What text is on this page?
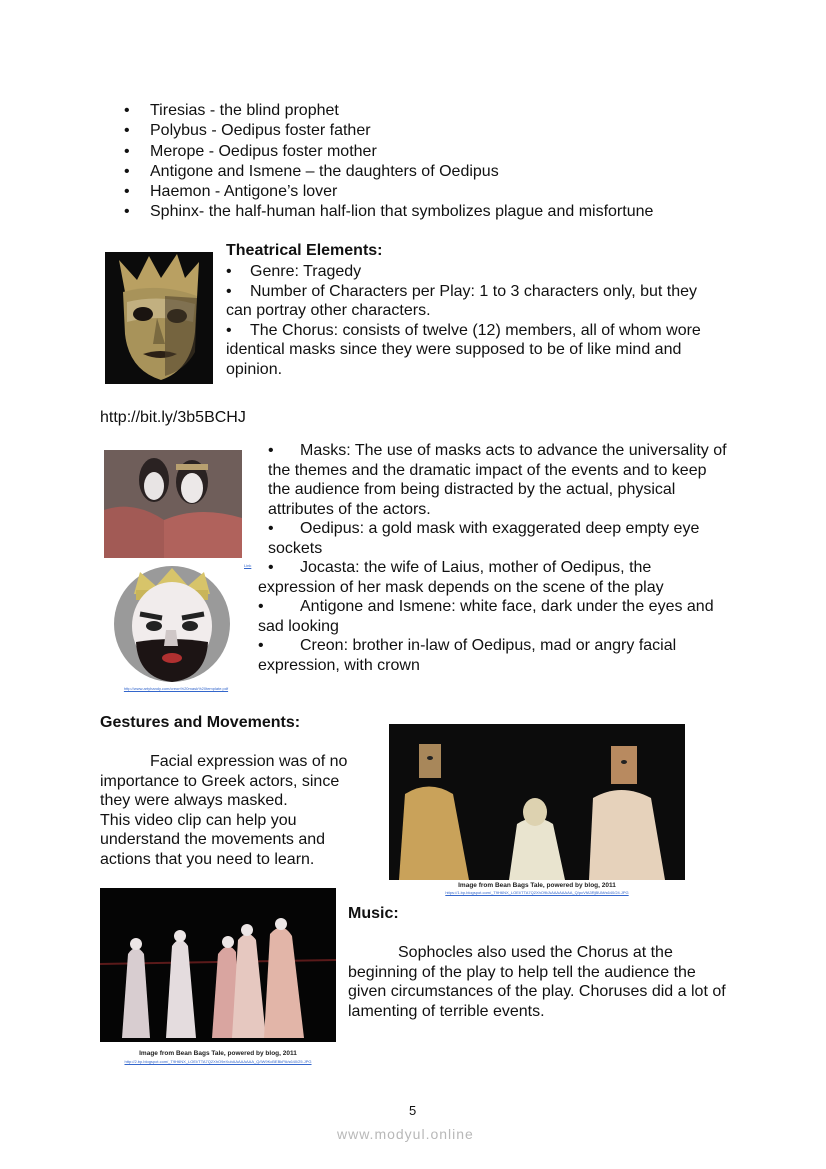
• Tiresias - the blind prophet
• Polybus - Oedipus foster father
• Merope - Oedipus foster mother
• Antigone and Ismene – the daughters of Oedipus
• Haemon - Antigone’s lover
• Sphinx- the half-human half-lion that symbolizes plague and misfortune
Theatrical Elements:

• Genre: Tragedy

• Number of Characters per Play: 1 to 3 characters only, but they can portray other characters.

• The Chorus: consists of twelve (12) members, all of whom wore identical masks since they were supposed to be of like mind and opinion.

http://bit.ly/3b5BCHJ
http://www.artyhandy.com/creon%20mask%20template.pdf
Link

• Masks: The use of masks acts to advance the universality of the themes and the dramatic impact of the events and to keep the audience from being distracted by the actual, physical attributes of the actors.

• Oedipus: a gold mask with exaggerated deep empty eye sockets

• Jocasta: the wife of Laius, mother of Oedipus, the expression of her mask depends on the scene of the play

• Antigone and Ismene: white face, dark under the eyes and sad looking

• Creon: brother in-law of Oedipus, mad or angry facial expression, with crown

Gestures and Movements:
Facial expression was of no importance to Greek actors, since they were always masked.
This video clip can help you understand the movements and actions that you need to learn.
Image from Bean Bags Tale, powered by blog, 2011
https://1.bp.blogspot.com/_T9H6NX_LOEI/TTA7Q2XhO9I/AAAAAAAAA_Q/pcVfA3RjBUM/s640/24.JPG
Image from Bean Bags Tale, powered by blog, 2011
http://2.bp.blogspot.com/_T9H6NX_LOEI/TTA7Q2XhO9eXubAAAAAAAA_Q/IW9KcBEBkPA/s640/25.JPG
Music:
Sophocles also used the Chorus at the beginning of the play to help tell the audience the given circumstances of the play. Choruses did a lot of lamenting of terrible events.
5
www.modyul.online
